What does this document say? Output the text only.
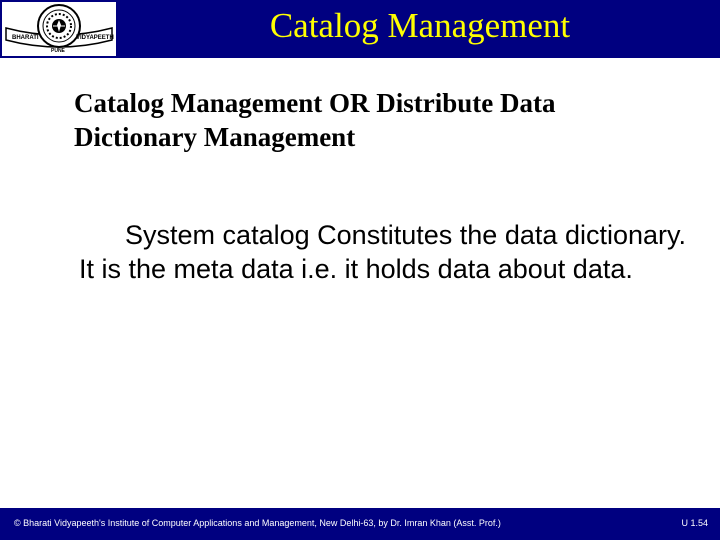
BHARATI	VIDYAPEETH
PUNE
Catalog Management
Catalog Management OR Distribute Data
Dictionary Management
System catalog Constitutes the data dictionary. It is the meta data i.e. it holds data about data.
© Bharati Vidyapeeth's Institute of Computer Applications and Management, New Delhi-63, by Dr. Imran Khan (Asst. Prof.)	U 1.54
